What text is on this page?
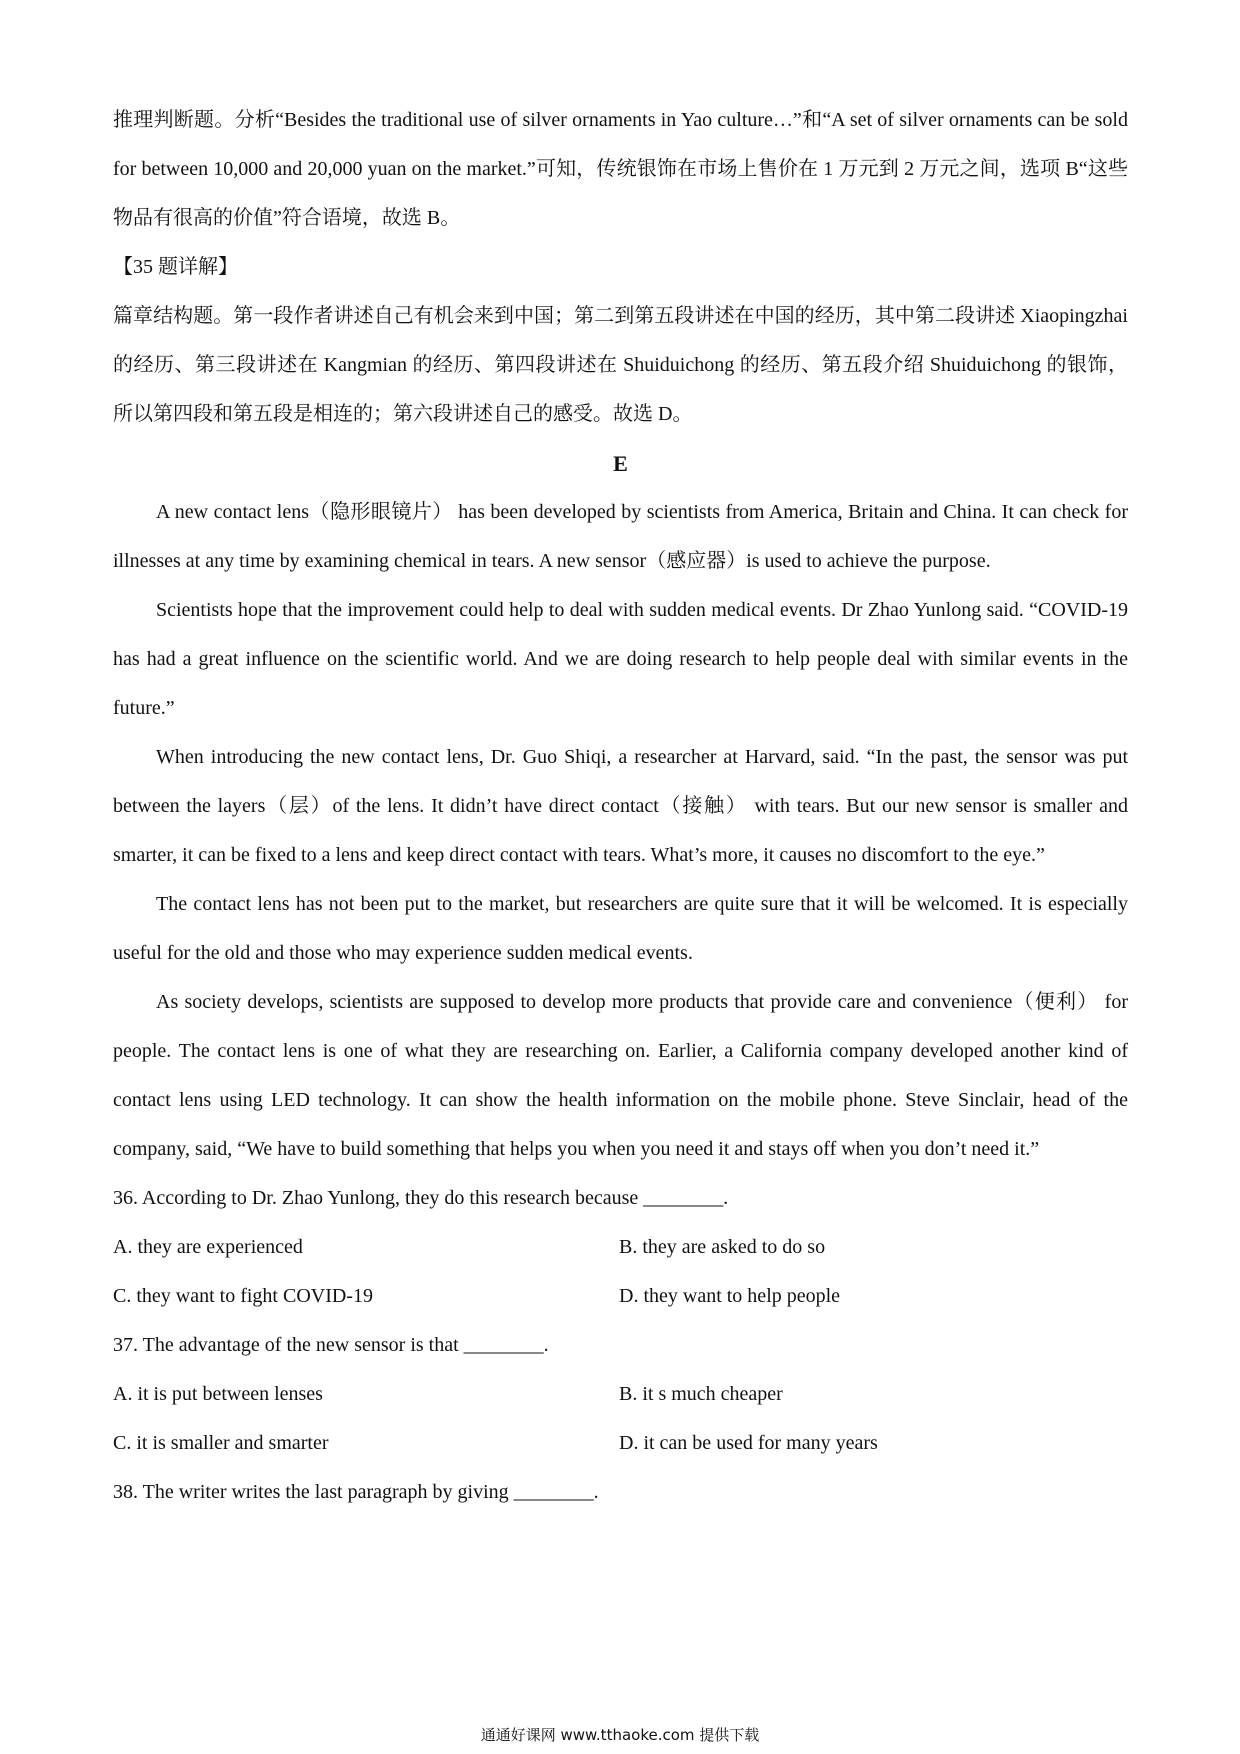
推理判断题。分析“Besides the traditional use of silver ornaments in Yao culture…”和“A set of silver ornaments can be sold for between 10,000 and 20,000 yuan on the market.”可知，传统银饰在市场上售价在 1 万元到 2 万元之间，选项 B“这些物品有很高的价值”符合语境，故选 B。

【35 题详解】

篇章结构题。第一段作者讲述自己有机会来到中国；第二到第五段讲述在中国的经历，其中第二段讲述 Xiaopingzhai 的经历、第三段讲述在 Kangmian 的经历、第四段讲述在 Shuiduichong 的经历、第五段介绍 Shuiduichong 的银饰，所以第四段和第五段是相连的；第六段讲述自己的感受。故选 D。

E

A new contact lens（隐形眼镜片） has been developed by scientists from America, Britain and China. It can check for illnesses at any time by examining chemical in tears. A new sensor（感应器）is used to achieve the purpose.

Scientists hope that the improvement could help to deal with sudden medical events. Dr Zhao Yunlong said. “COVID-19 has had a great influence on the scientific world. And we are doing research to help people deal with similar events in the future.”

When introducing the new contact lens, Dr. Guo Shiqi, a researcher at Harvard, said. “In the past, the sensor was put between the layers（层）of the lens. It didn’t have direct contact（接触） with tears. But our new sensor is smaller and smarter, it can be fixed to a lens and keep direct contact with tears. What’s more, it causes no discomfort to the eye.”

The contact lens has not been put to the market, but researchers are quite sure that it will be welcomed. It is especially useful for the old and those who may experience sudden medical events.

As society develops, scientists are supposed to develop more products that provide care and convenience（便利） for people. The contact lens is one of what they are researching on. Earlier, a California company developed another kind of contact lens using LED technology. It can show the health information on the mobile phone. Steve Sinclair, head of the company, said, “We have to build something that helps you when you need it and stays off when you don’t need it.”

36. According to Dr. Zhao Yunlong, they do this research because ________.

A. they are experienced	B. they are asked to do so
C. they want to fight COVID-19	D. they want to help people

37. The advantage of the new sensor is that ________.

A. it is put between lenses	B. it s much cheaper
C. it is smaller and smarter	D. it can be used for many years

38. The writer writes the last paragraph by giving ________.

通通好课网 www.tthaoke.com 提供下载
